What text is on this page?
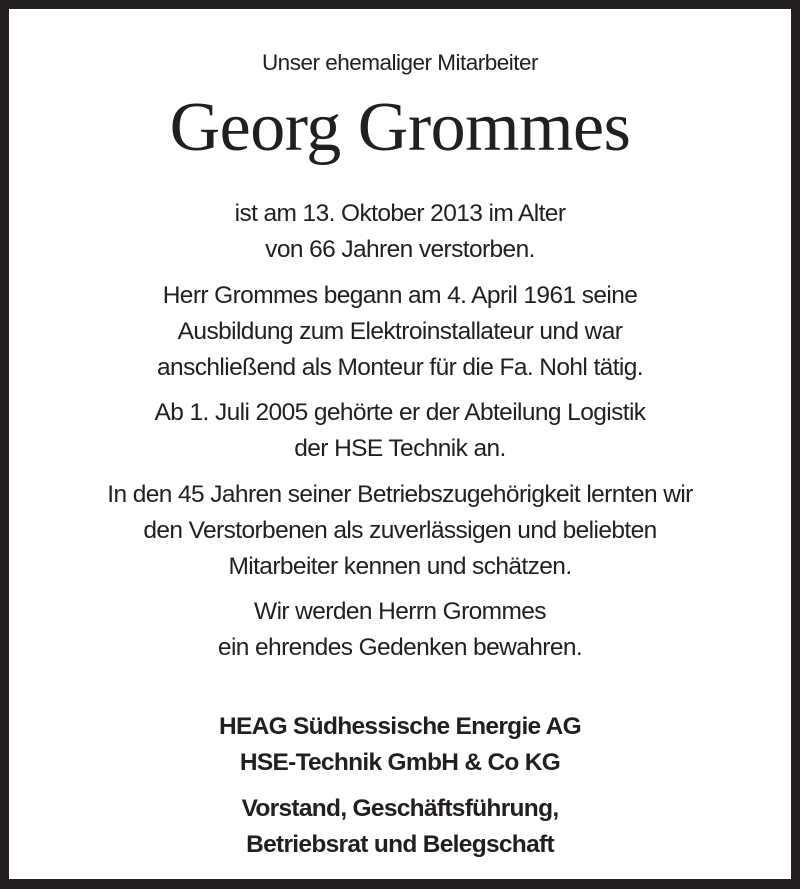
Unser ehemaliger Mitarbeiter
Georg Grommes
ist am 13. Oktober 2013 im Alter
von 66 Jahren verstorben.
Herr Grommes begann am 4. April 1961 seine
Ausbildung zum Elektroinstallateur und war
anschließend als Monteur für die Fa. Nohl tätig.
Ab 1. Juli 2005 gehörte er der Abteilung Logistik
der HSE Technik an.
In den 45 Jahren seiner Betriebszugehörigkeit lernten wir
den Verstorbenen als zuverlässigen und beliebten
Mitarbeiter kennen und schätzen.
Wir werden Herrn Grommes
ein ehrendes Gedenken bewahren.
HEAG Südhessische Energie AG
HSE-Technik GmbH & Co KG
Vorstand, Geschäftsführung,
Betriebsrat und Belegschaft
